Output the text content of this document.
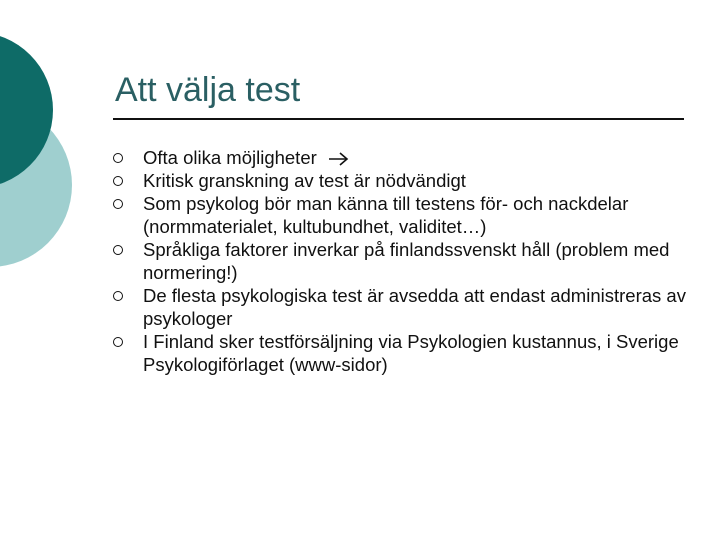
Att välja test
Ofta olika möjligheter
Kritisk granskning av test är nödvändigt
Som psykolog bör man känna till testens för- och nackdelar (normmaterialet, kultubundhet, validitet…)
Språkliga faktorer inverkar på finlandssvenskt håll (problem med normering!)
De flesta psykologiska test är avsedda att endast administreras av psykologer
I Finland sker testförsäljning via Psykologien kustannus, i Sverige Psykologiförlaget (www-sidor)
